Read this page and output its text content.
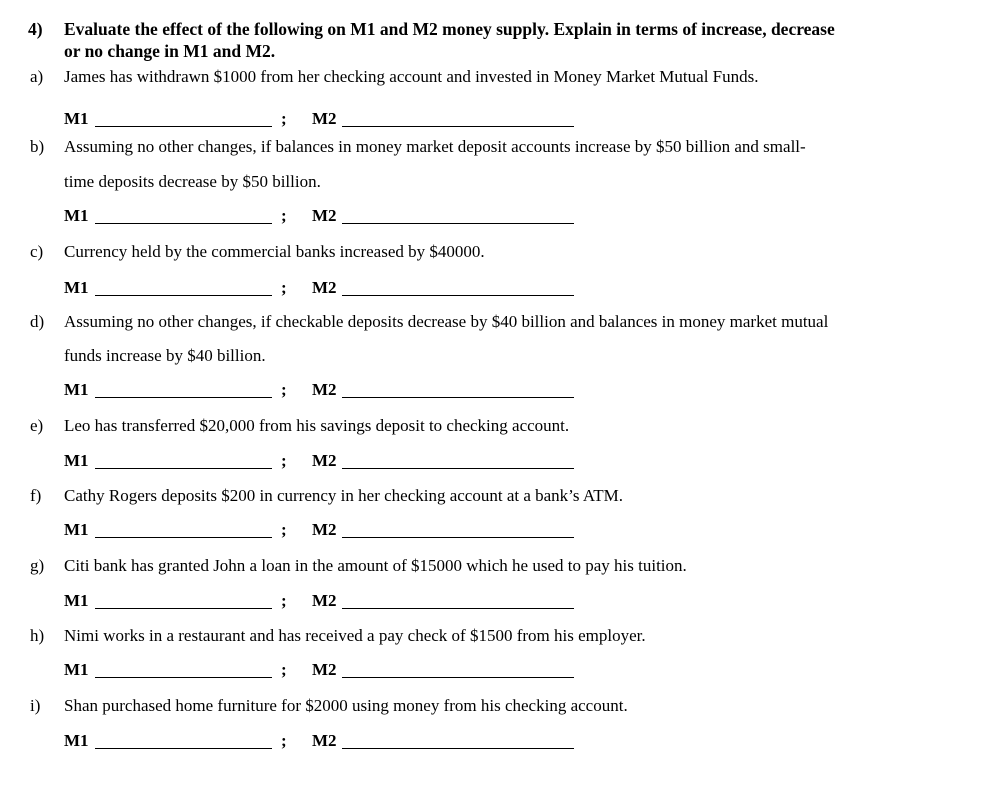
4) Evaluate the effect of the following on M1 and M2 money supply. Explain in terms of increase, decrease
or no change in M1 and M2.
a) James has withdrawn $1000 from her checking account and invested in Money Market Mutual Funds.
M1	; M2
b) Assuming no other changes, if balances in money market deposit accounts increase by $50 billion and small-
time deposits decrease by $50 billion.
M1	; M2
c) Currency held by the commercial banks increased by $40000.
M1	; M2
d) Assuming no other changes, if checkable deposits decrease by $40 billion and balances in money market mutual
funds increase by $40 billion.
M1	; M2
e) Leo has transferred $20,000 from his savings deposit to checking account.
M1	; M2
f) Cathy Rogers deposits $200 in currency in her checking account at a bank’s ATM.
M1	; M2
g) Citi bank has granted John a loan in the amount of $15000 which he used to pay his tuition.
M1	; M2
h) Nimi works in a restaurant and has received a pay check of $1500 from his employer.
M1	; M2
i) Shan purchased home furniture for $2000 using money from his checking account.
M1	; M2
